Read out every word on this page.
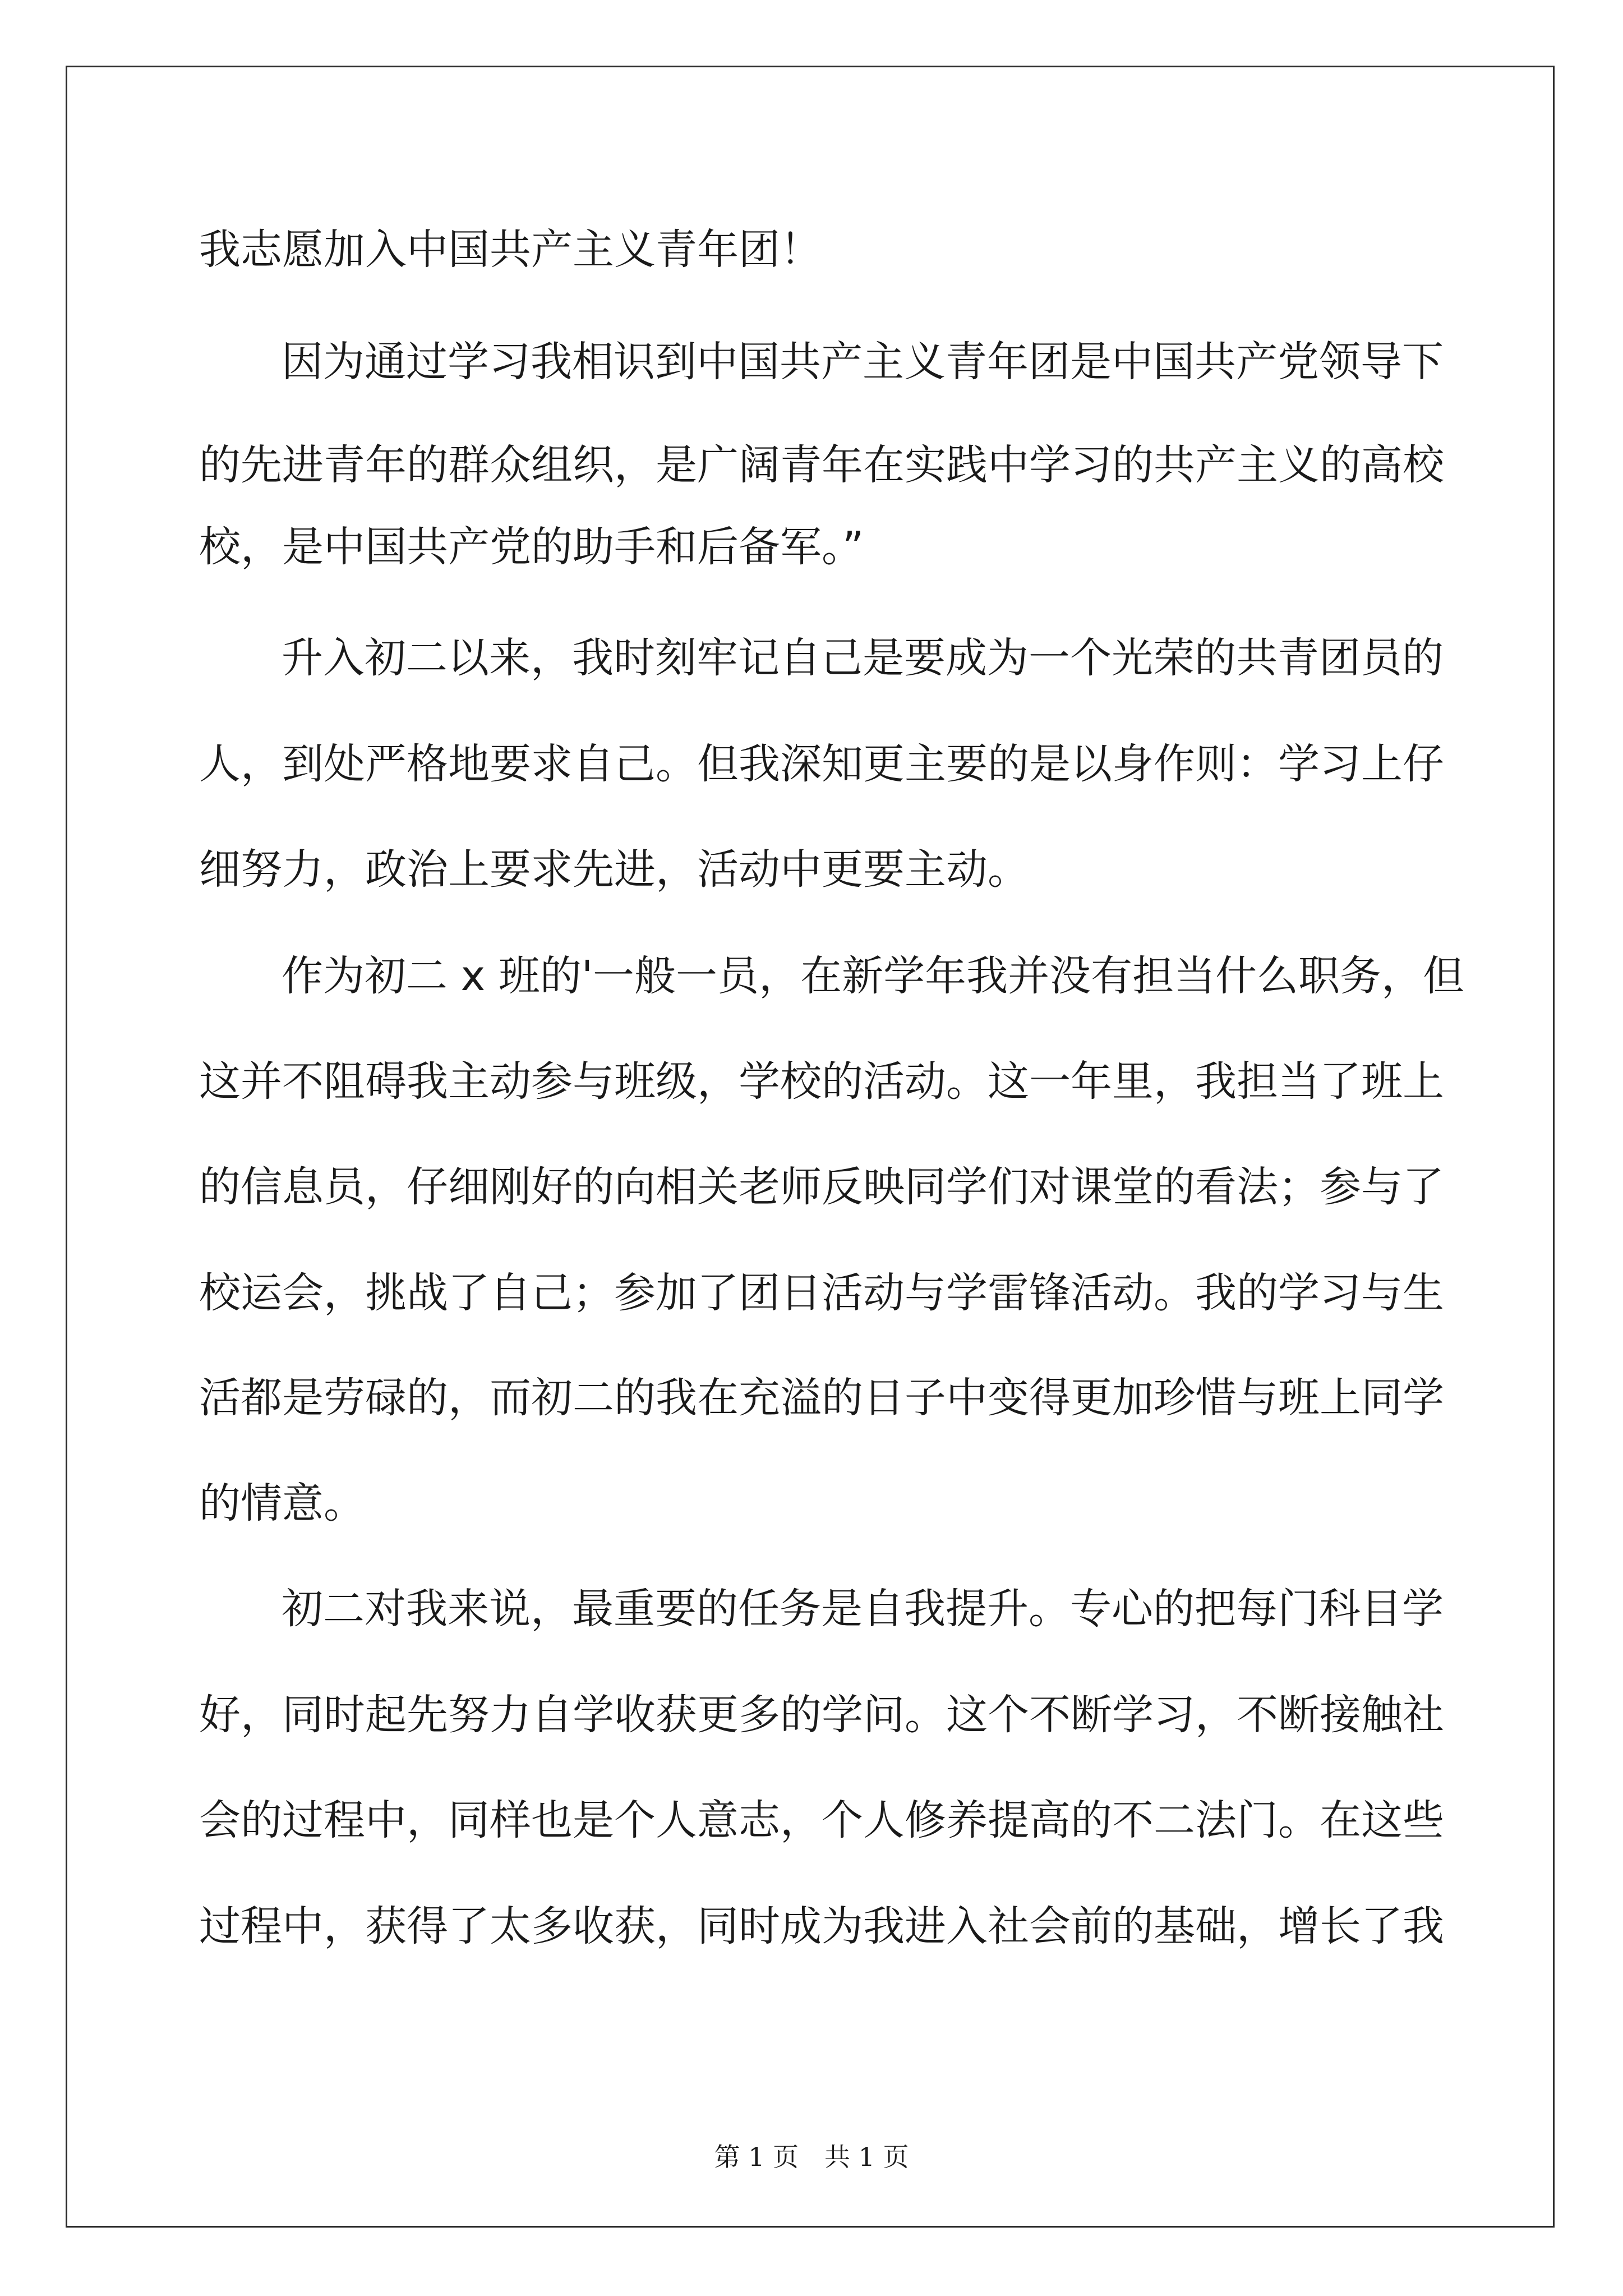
我志愿加入中国共产主义青年团！
因为通过学习我相识到中国共产主义青年团是中国共产党领导下
的先进青年的群众组织，是广阔青年在实践中学习的共产主义的高校
校，是中国共产党的助手和后备军。”
升入初二以来，我时刻牢记自己是要成为一个光荣的共青团员的
人，到处严格地要求自己。但我深知更主要的是以身作则：学习上仔
细努力，政治上要求先进，活动中更要主动。
作为初二 x 班的'一般一员，在新学年我并没有担当什么职务，但
这并不阻碍我主动参与班级，学校的活动。这一年里，我担当了班上
的信息员，仔细刚好的向相关老师反映同学们对课堂的看法；参与了
校运会，挑战了自己；参加了团日活动与学雷锋活动。我的学习与生
活都是劳碌的，而初二的我在充溢的日子中变得更加珍惜与班上同学
的情意。
初二对我来说，最重要的任务是自我提升。专心的把每门科目学
好，同时起先努力自学收获更多的学问。这个不断学习，不断接触社
会的过程中，同样也是个人意志，个人修养提高的不二法门。在这些
过程中，获得了太多收获，同时成为我进入社会前的基础，增长了我
第 1 页　共 1 页
